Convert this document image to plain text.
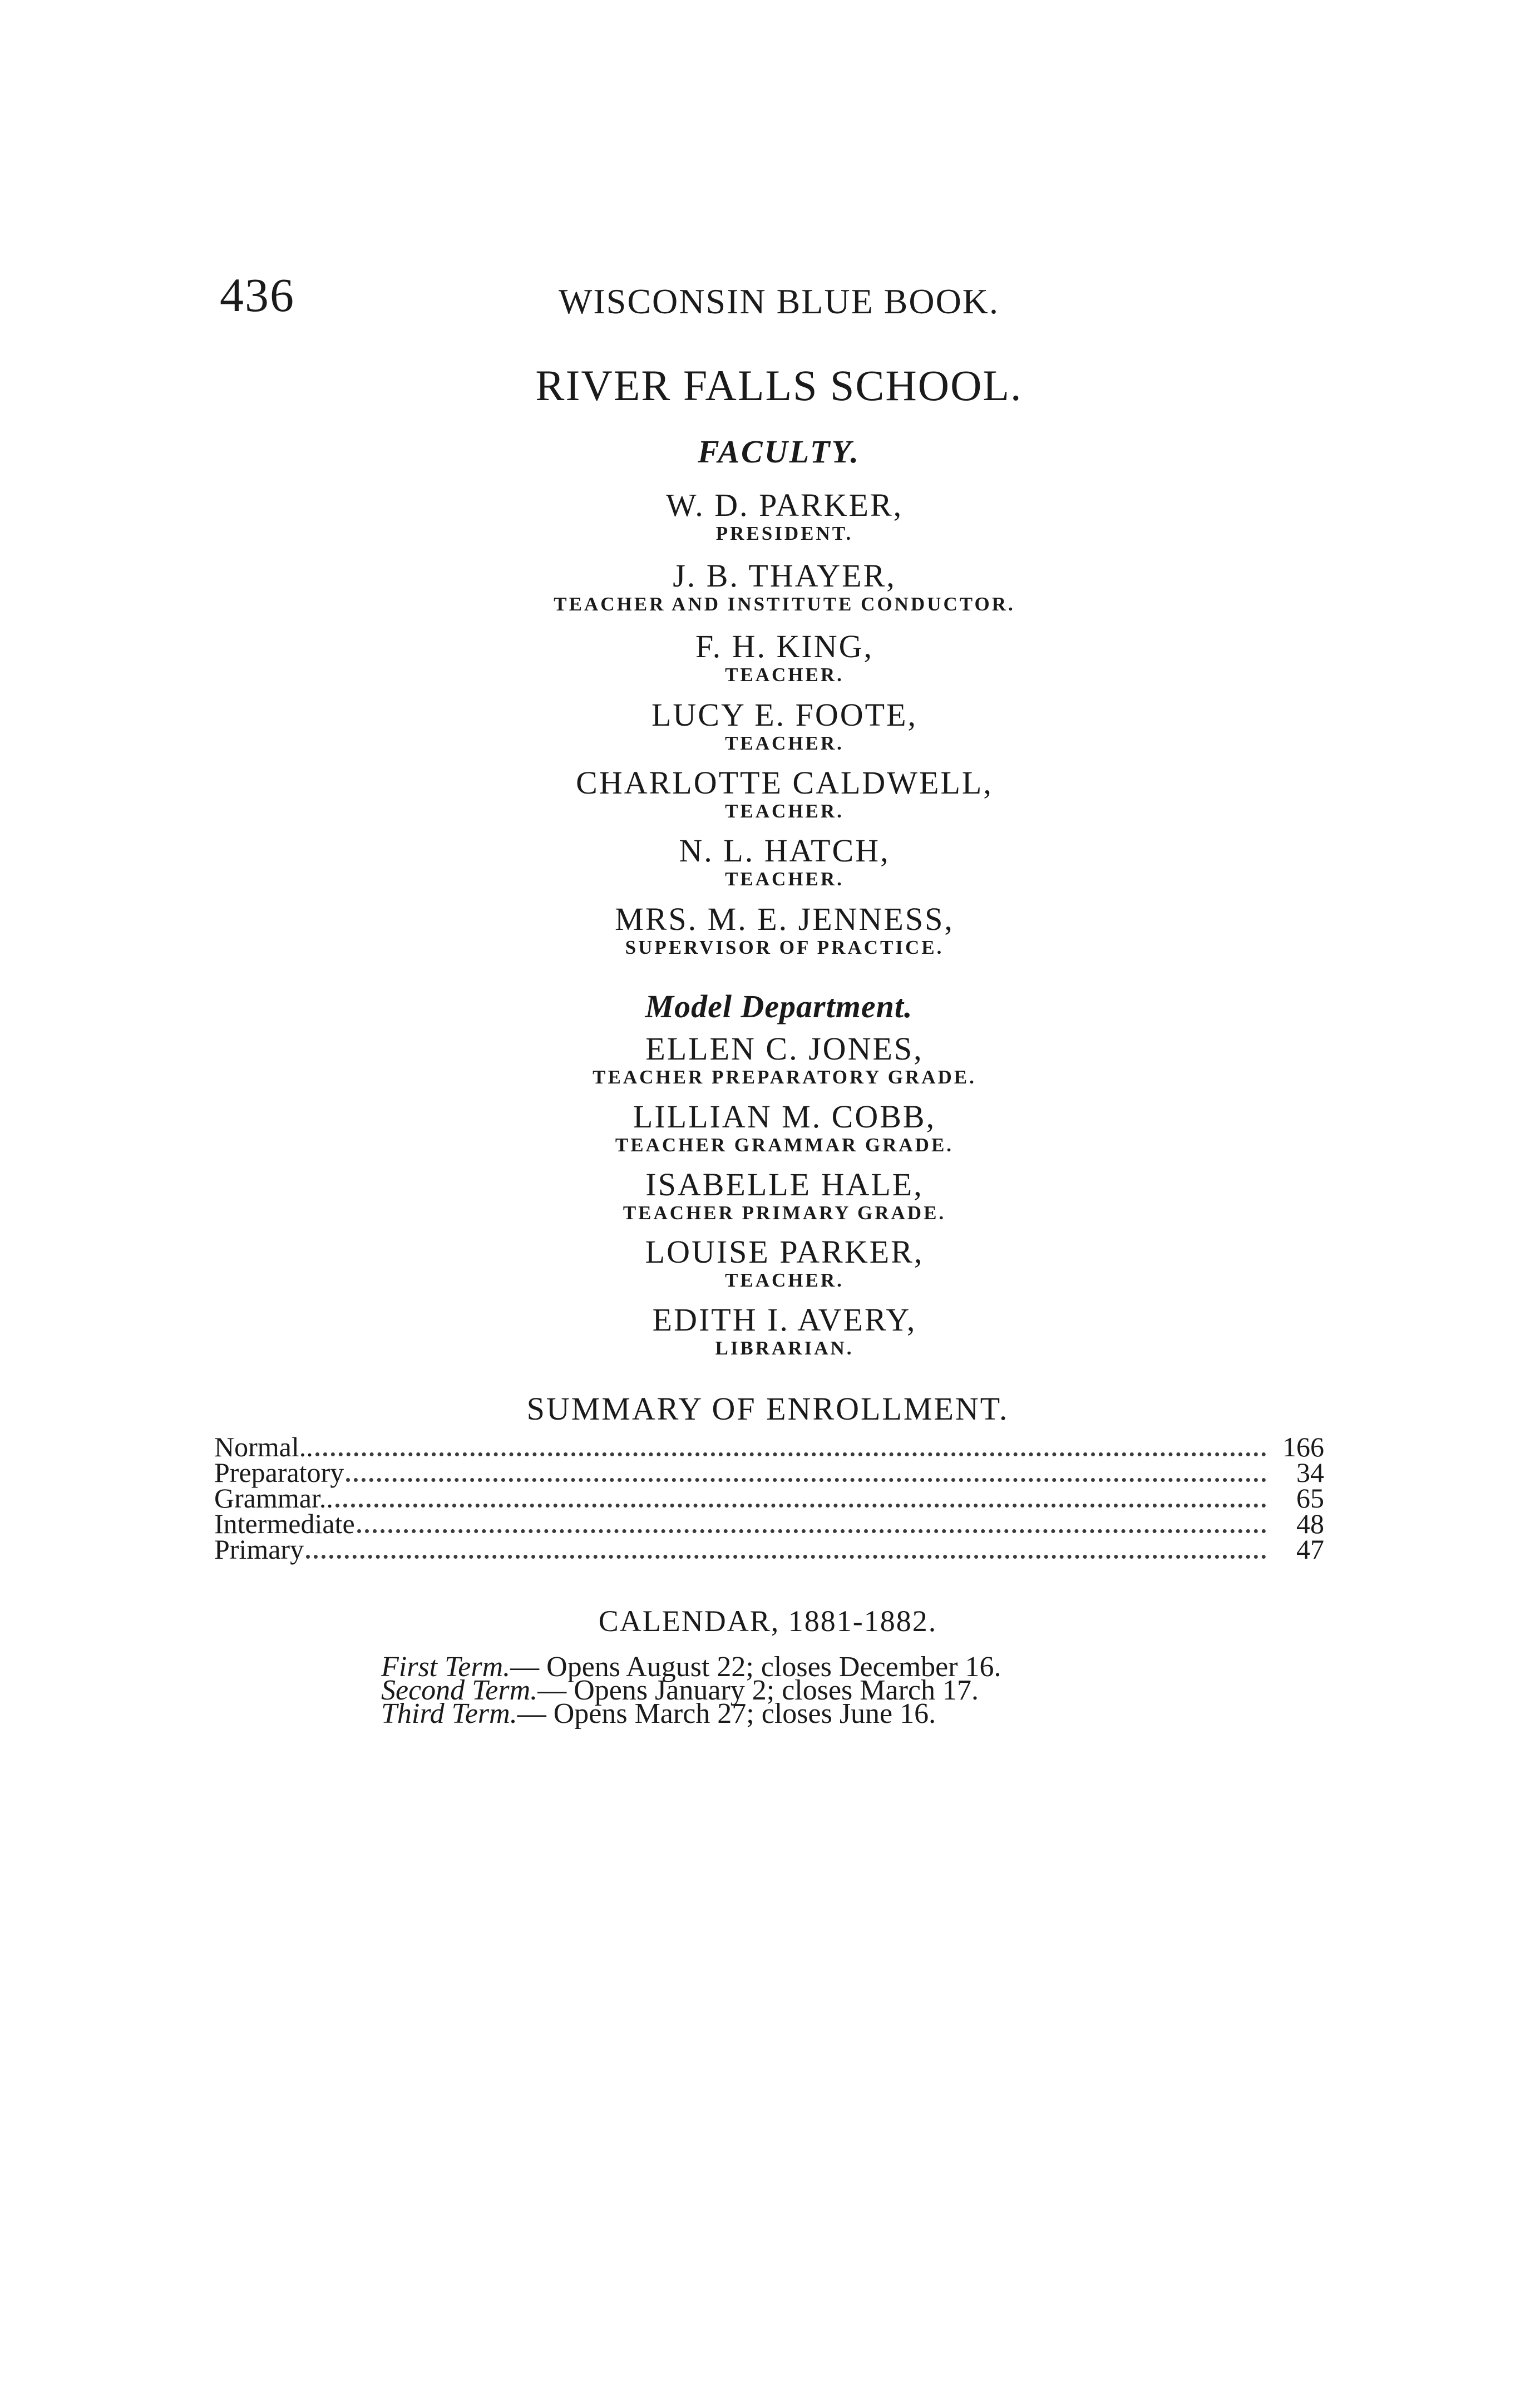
436	WISCONSIN BLUE BOOK.
RIVER FALLS SCHOOL.
FACULTY.
W. D. PARKER,
PRESIDENT.
J. B. THAYER,
TEACHER AND INSTITUTE CONDUCTOR.
F. H. KING,
TEACHER.
LUCY E. FOOTE,
TEACHER.
CHARLOTTE CALDWELL,
TEACHER.
N. L. HATCH,
TEACHER.
MRS. M. E. JENNESS,
SUPERVISOR OF PRACTICE.
Model Department.
ELLEN C. JONES,
TEACHER PREPARATORY GRADE.
LILLIAN M. COBB,
TEACHER GRAMMAR GRADE.
ISABELLE HALE,
TEACHER PRIMARY GRADE.
LOUISE PARKER,
TEACHER.
EDITH I. AVERY,
LIBRARIAN.
SUMMARY OF ENROLLMENT.
Normal..	166
Preparatory	34
Grammar..	65
Intermediate	48
Primary	47
CALENDAR, 1881-1882.
First Term.— Opens August 22; closes December 16.
Second Term.— Opens January 2; closes March 17.
Third Term.— Opens March 27; closes June 16.
